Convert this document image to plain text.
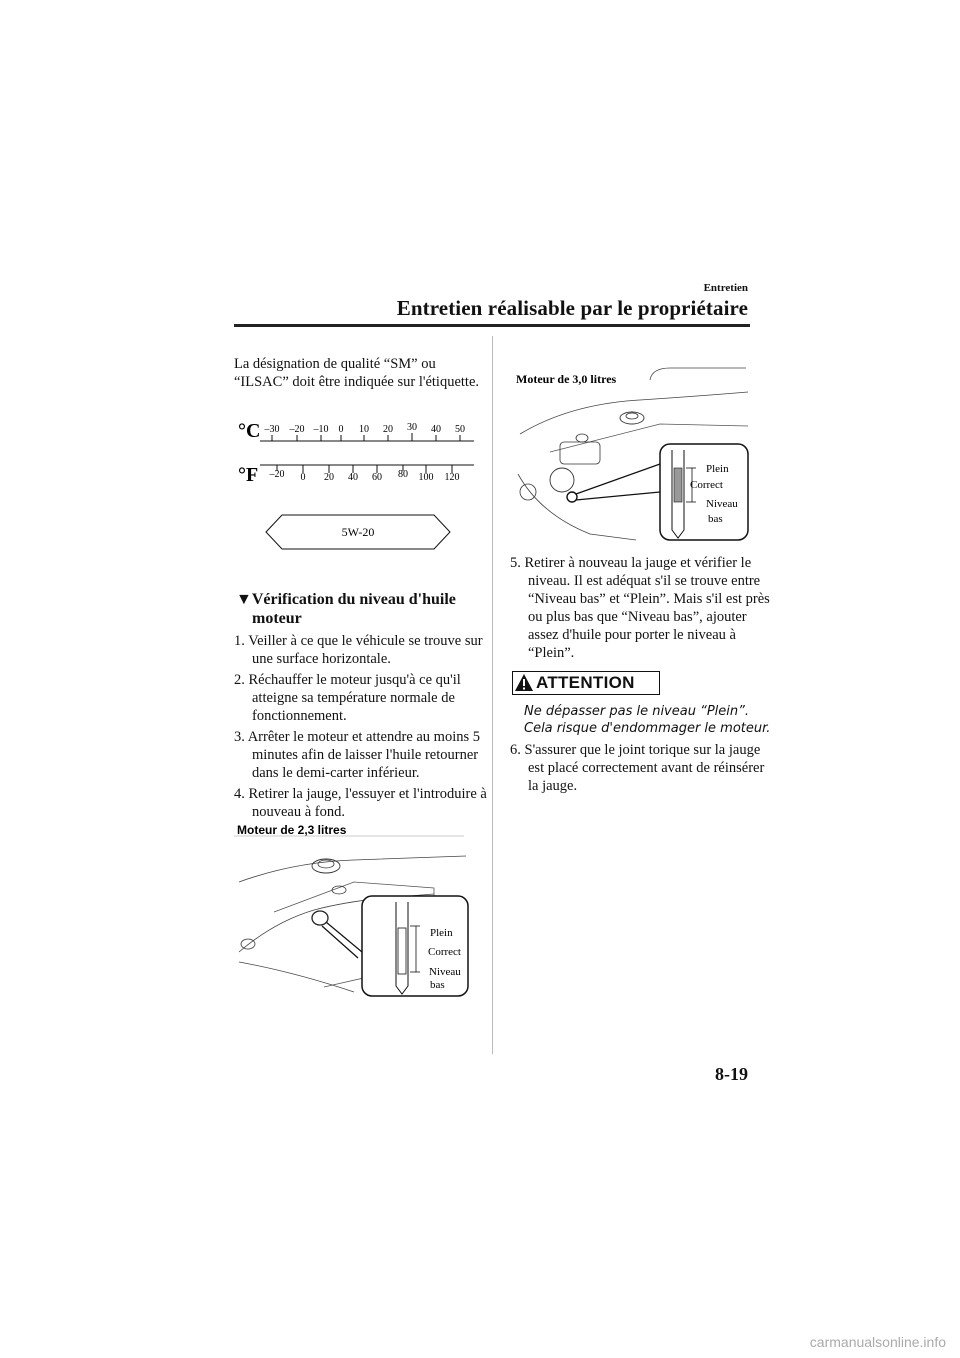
Entretien
Entretien réalisable par le propriétaire
La désignation de qualité “SM” ou “ILSAC” doit être indiquée sur l'étiquette.
°C
°F
–30 –20 –10 0 10 20 30 40 50
–20 0 20 40 60 80 100 120
5W-20
▼Vérification du niveau d'huile
moteur
1. Veiller à ce que le véhicule se trouve sur une surface horizontale.
2. Réchauffer le moteur jusqu'à ce qu'il atteigne sa température normale de fonctionnement.
3. Arrêter le moteur et attendre au moins 5 minutes afin de laisser l'huile retourner dans le demi-carter inférieur.
4. Retirer la jauge, l'essuyer et l'introduire à nouveau à fond.
Moteur de 2,3 litres
Plein
Correct
Niveau
bas
Moteur de 3,0 litres
Plein
Correct
Niveau
bas
5. Retirer à nouveau la jauge et vérifier le niveau. Il est adéquat s'il se trouve entre “Niveau bas” et “Plein”. Mais s'il est près ou plus bas que “Niveau bas”, ajouter assez d'huile pour porter le niveau à “Plein”.
ATTENTION
Ne dépasser pas le niveau “Plein”.
Cela risque d'endommager le moteur.
6. S'assurer que le joint torique sur la jauge est placé correctement avant de réinsérer la jauge.
8-19
carmanualsonline.info
